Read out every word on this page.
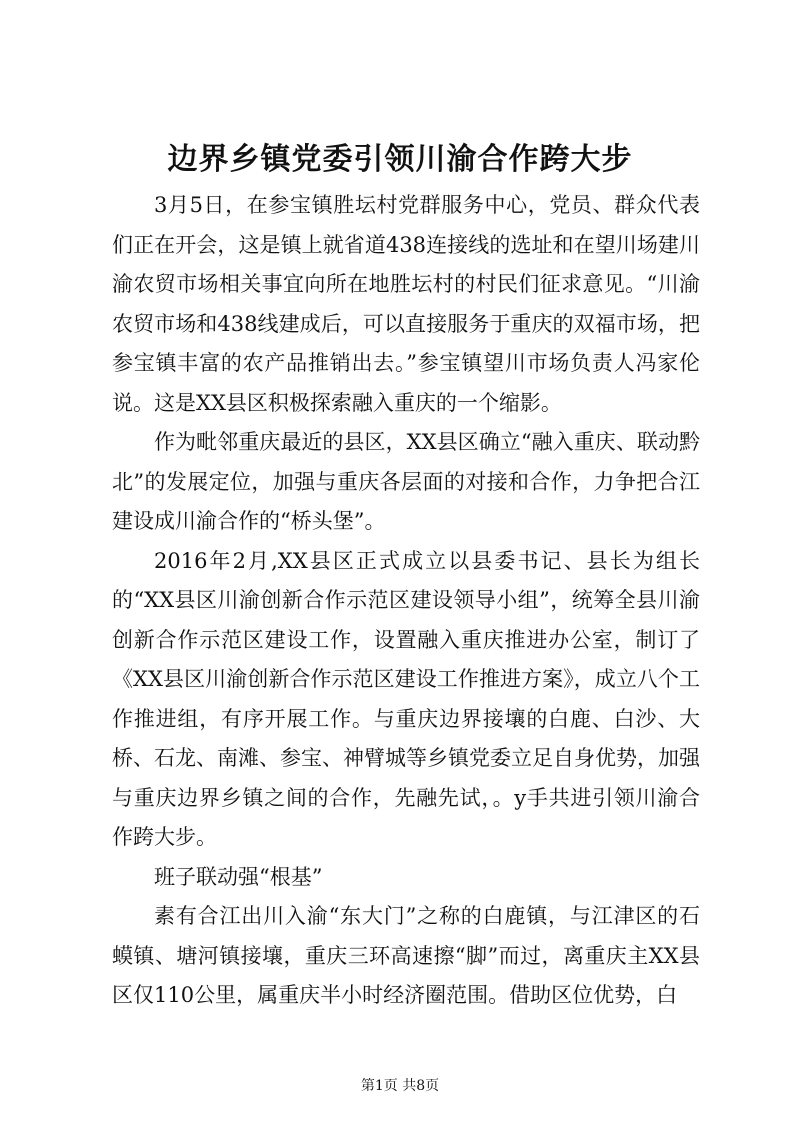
边界乡镇党委引领川渝合作跨大步

3月5日，在参宝镇胜坛村党群服务中心，党员、群众代表们正在开会，这是镇上就省道438连接线的选址和在望川场建川渝农贸市场相关事宜向所在地胜坛村的村民们征求意见。“川渝农贸市场和438线建成后，可以直接服务于重庆的双福市场，把参宝镇丰富的农产品推销出去。”参宝镇望川市场负责人冯家伦说。这是XX县区积极探索融入重庆的一个缩影。

作为毗邻重庆最近的县区，XX县区确立“融入重庆、联动黔北”的发展定位，加强与重庆各层面的对接和合作，力争把合江建设成川渝合作的“桥头堡”。

2016年2月,XX县区正式成立以县委书记、县长为组长的“XX县区川渝创新合作示范区建设领导小组”，统筹全县川渝创新合作示范区建设工作，设置融入重庆推进办公室，制订了《XX县区川渝创新合作示范区建设工作推进方案》，成立八个工作推进组，有序开展工作。与重庆边界接壤的白鹿、白沙、大桥、石龙、南滩、参宝、神臂城等乡镇党委立足自身优势，加强与重庆边界乡镇之间的合作，先融先试，。y手共进引领川渝合作跨大步。

班子联动强“根基”

素有合江出川入渝“东大门”之称的白鹿镇，与江津区的石蟆镇、塘河镇接壤，重庆三环高速擦“脚”而过，离重庆主XX县区仅110公里，属重庆半小时经济圈范围。借助区位优势，白

第1页 共8页
